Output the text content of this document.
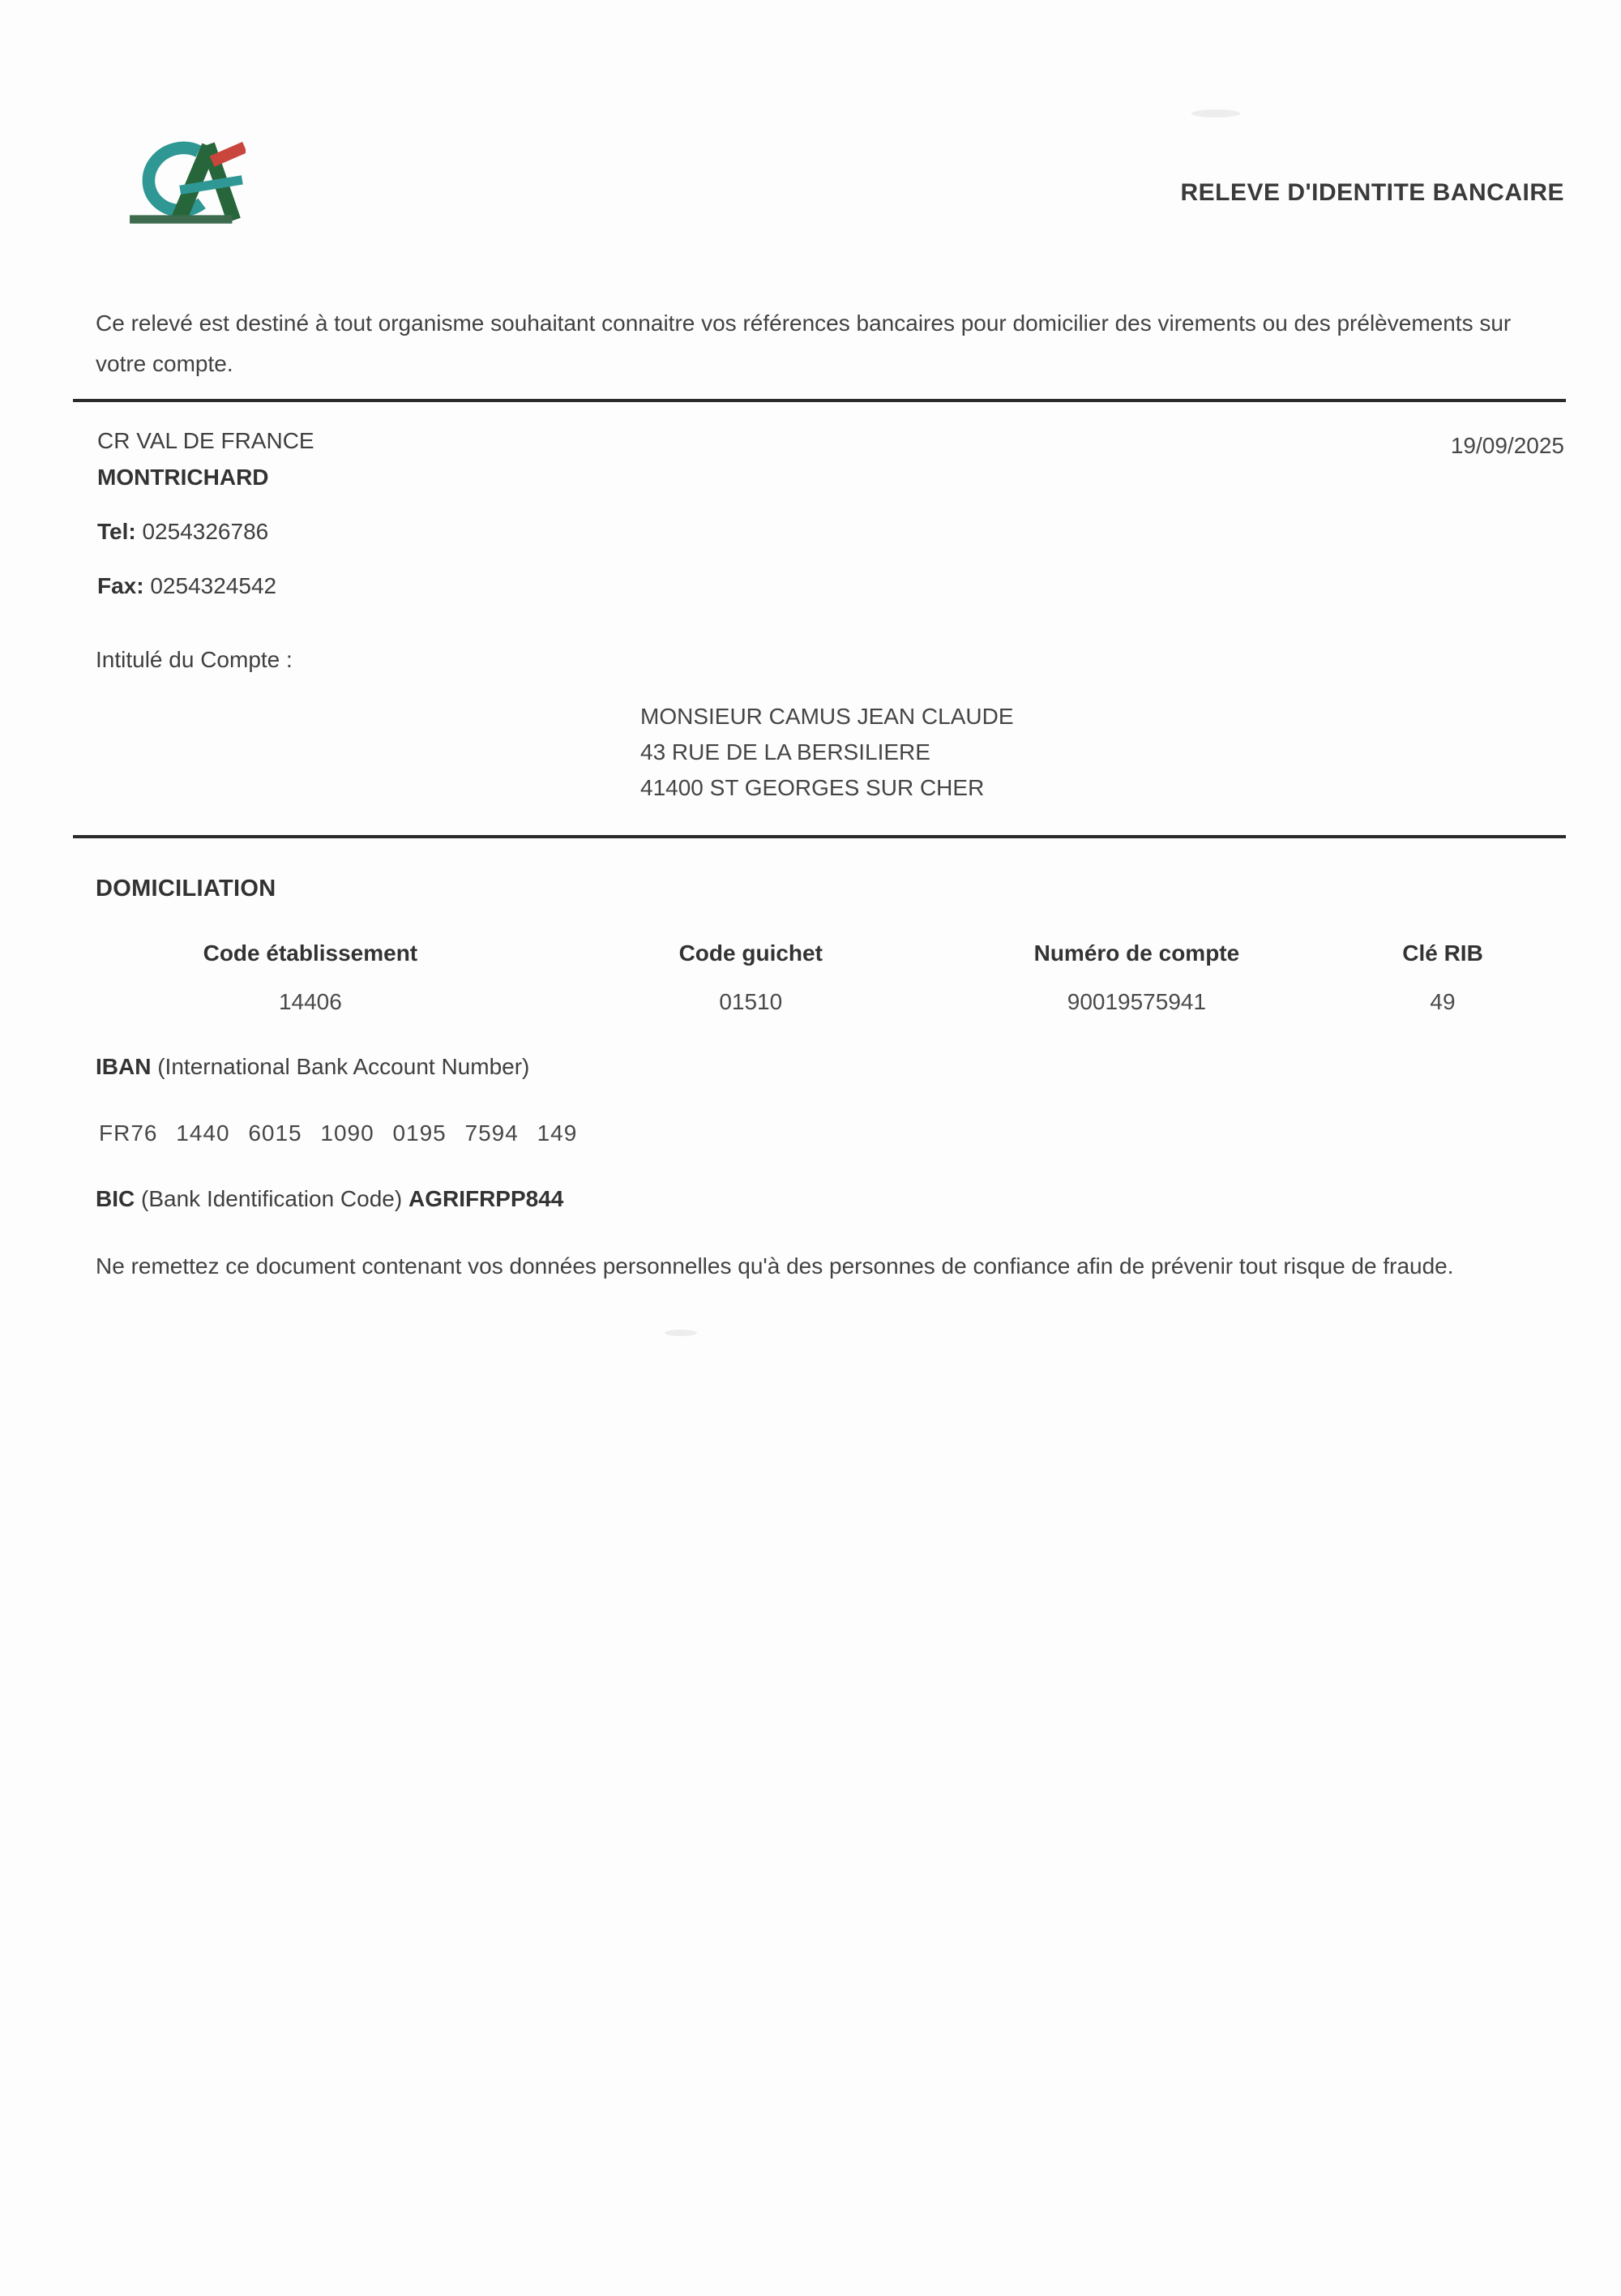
RELEVE D'IDENTITE BANCAIRE
Ce relevé est destiné à tout organisme souhaitant connaitre vos références bancaires pour domicilier des virements ou des prélèvements sur votre compte.
CR VAL DE FRANCE
MONTRICHARD
19/09/2025
Tel: 0254326786
Fax: 0254324542
Intitulé du Compte :
MONSIEUR CAMUS JEAN CLAUDE
43 RUE DE LA BERSILIERE
41400 ST GEORGES SUR CHER
DOMICILIATION
Code établissement	Code guichet	Numéro de compte	Clé RIB
14406	01510	90019575941	49
IBAN (International Bank Account Number)
FR76 1440 6015 1090 0195 7594 149
BIC (Bank Identification Code) AGRIFRPP844
Ne remettez ce document contenant vos données personnelles qu'à des personnes de confiance afin de prévenir tout risque de fraude.
